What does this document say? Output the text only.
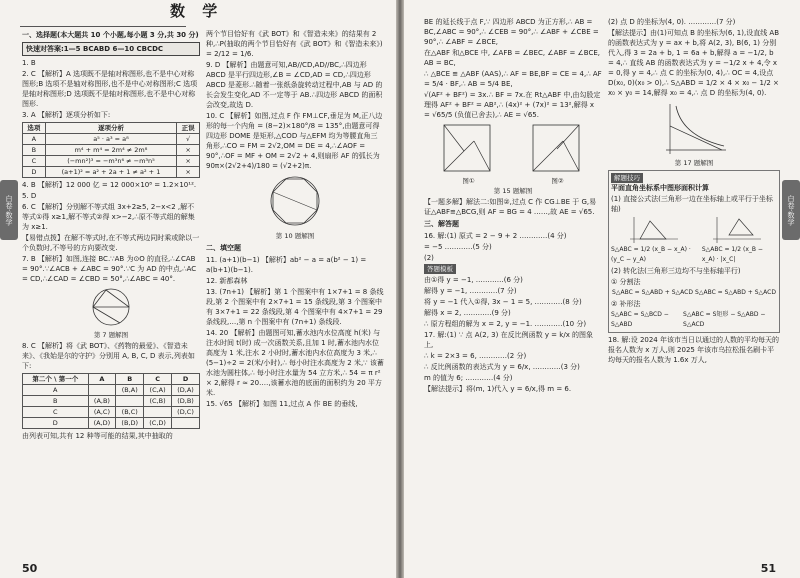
数 学
一、选择题(本大题共 10 个小题,每小题 3 分,共 30 分)
快速对答案:1—5 BCABD 6—10 CBCDC
1. B
2. C 【解析】A 选项既不是轴对称图形,也不是中心对称图形;B 选项不是轴对称图形,也不是中心对称图形;C 选项是轴对称图形;D 选项既不是轴对称图形,也不是中心对称图形.
3. A 【解析】逐项分析如下:
选项	逐项分析	正误
A	a⁵ · a³ = a⁸	√
B	m⁴ + m⁴ = 2m⁴ ≠ 2m⁸	×
C	(−mn²)³ = −m³n⁶ ≠ −m³n⁵	×
D	(a+1)² = a² + 2a + 1 ≠ a² + 1	×
4. B 【解析】12 000 亿 = 12 000×10⁸ = 1.2×10¹².
5. D
6. C 【解析】分别解不等式组 3x+2≥5, 2−x<2 ,解不等式①得 x≥1,解不等式②得 x>−2,∴原不等式组的解集为 x≥1.
【易错点拨】在解不等式时,在不等式两边同时乘或除以一个负数时,不等号的方向要改变.
7. B 【解析】如图,连接 BC.∵AB 为⊙O 的直径,∴∠CAB = 90°.∵∠ACB + ∠ABC = 90°.∵C 为 AD 的中点,∴AC = CD,∴∠CAD = ∠CBD = 50°,∴∠ABC = 40°.
第 7 题解图
8. C 【解析】将《武 BOT》、《药物的最爱》、《智造未来》、《我始是尔的守护》分别用 A, B, C, D 表示,列表如下:
第二个 \ 第一个	A	B	C	D
A		(B,A)	(C,A)	(D,A)
B	(A,B)		(C,B)	(D,B)
C	(A,C)	(B,C)		(D,C)
D	(A,D)	(B,D)	(C,D)	
由列表可知,共有 12 种等可能的结果,其中抽取的
两个节目恰好有《武 BOT》和《智造未来》的结果有 2 种,∴P(抽取的两个节目恰好有《武 BOT》和《智造未来》) = 2/12 = 1/6.
9. D 【解析】由题意可知,AB//CD,AD//BC,∴四边形 ABCD 是平行四边形,∠B = ∠CD,AD = CD,∴四边形 ABCD 是菱形.∴随着一张纸条旋转动过程中,AB 与 AD 的长会发生变化,AD 不一定等于 AB.∴四边形 ABCD 的面积会改变,故选 D.
10. C 【解析】如图,过点 F 作 FM⊥CF,垂足为 M,正八边形的每一个内角 = (8−2)×180°/8 = 135°,由题意可得四边形 DOME 是矩形,△COD 与△EFM 均为等腰直角三角形,∴CO = FM = 2√2,OM = DE = 4,∴∠AOF = 90°,∴OF = MF + OM = 2√2 + 4,则扇形 AF 的弧长为 90π×(2√2+4)/180 = (√2+2)π.
第 10 题解图
二、填空题
11. (a+1)(b−1) 【解析】ab² − a = a(b² − 1) = a(b+1)(b−1).
12. 新都森林
13. (7n+1) 【解析】第 1 个图案中有 1×7+1 = 8 条线段,第 2 个图案中有 2×7+1 = 15 条线段,第 3 个图案中有 3×7+1 = 22 条线段,第 4 个图案中有 4×7+1 = 29 条线段,…,第 n 个图案中有 (7n+1) 条线段.
14. 20 【解析】由题图可知,蓄水池内水位高度 h(米) 与注水时间 t(时) 成一次函数关系,且加 1 时,蓄水池内水位高度为 1 米,注水 2 小时时,蓄水池内水位高度为 3 米,∴ (5−1)÷2 = 2(米/小时),∴ 每小时注水高度为 2 米,∵ 该蓄水池为圆柱体,∴ 每小时注水量为 54 立方米,∴ 54 = π r² × 2,解得 r ≈ 20.…,该蓄水池的底面的面积约为 20 平方米.
15. √65 【解析】如图 11,过点 A 作 BE 的垂线,
白卷·数学
50
BE 的延长线于点 F,∵ 四边形 ABCD 为正方形,∴ AB = BC,∠ABC = 90°,∴ ∠CEB = 90°,∴ ∠ABF + ∠CBE = 90°,∴ ∠ABF = ∠BCE,
在△ABF 和△BCE 中, ∠AFB = ∠BEC, ∠ABF = ∠BCE, AB = BC,
∴ △BCE ≌ △ABF (AAS),∴ AF = BE,BF = CE = 4,∴ AF = 5/4 · BF,∴ AB = 5/4 BE,
√(AF² + BF²) = 3x.∴ BF = 7x.在 Rt△ABF 中,由勾股定理得 AF² + BF² = AB²,∴ (4x)² + (7x)² = 13²,解得 x = √65/5 (负值已舍去),∴ AE = √65.
图①	图②
第 15 题解图
【一题多解】解法二:如图②,过点 C 作 CG⊥BE 于 G,易证△ABF≌△BCG,则 AF = BG = 4 ……,故 AE = √65.
三、解答题
16. 解:(1) 原式 = 2 − 9 + 2 …………(4 分)
= −5 …………(5 分)
(2)
答题模板
由①得 y = −1, …………(6 分)
解得 y = −1, …………(7 分)
将 y = −1 代入①得, 3x − 1 = 5, …………(8 分)
解得 x = 2, …………(9 分)
∴ 原方程组的解为 x = 2, y = −1. …………(10 分)
17. 解:(1) ∵ 点 A(2, 3) 在反比例函数 y = k/x 的图象上,
∴ k = 2×3 = 6, …………(2 分)
∴ 反比例函数的表达式为 y = 6/x, …………(3 分)
m 的值为 6; …………(4 分)
【解法提示】将(m, 1)代入 y = 6/x,得 m = 6.
(2) 点 D 的坐标为(4, 0). …………(7 分)
【解法提示】由(1)可知点 B 的坐标为(6, 1),设直线 AB 的函数表达式为 y = ax + b,将 A(2, 3), B(6, 1) 分别代入,得 3 = 2a + b, 1 = 6a + b,解得 a = −1/2, b = 4,∴ 直线 AB 的函数表达式为 y = −1/2 x + 4,令 x = 0,得 y = 4,∴ 点 C 的坐标为(0, 4),∴ OC = 4,设点 D(x₀, 0)(x₀ > 0),∴ S△ABD = 1/2 × 4 × x₀ − 1/2 × x₀ × y₀ = 14,解得 x₀ = 4,∴ 点 D 的坐标为(4, 0).
第 17 题解图
解题技巧
平面直角坐标系中图形面积计算
(1) 直接公式法(三角形一边在坐标轴上或平行于坐标轴)
S△ABC = 1/2 (x_B − x_A) · (y_C − y_A)
S△ABC = 1/2 (x_B − x_A) · |x_C|
(2) 转化法(三角形三边均不与坐标轴平行)
① 分割法
S△ABC = S△ABD + S△ACD S△ABC = S△ABD + S△ACD
② 补形法
S△ABC = S△BCD − S△ABD
S△ABC = S矩形 − S△ABD − S△ACD
18. 解:设 2024 年该市当日以通过的人数的平均每天的报名人数为 x 万人,则 2025 年该市乌拉松报名刷卡平均每天的报名人数为 1.6x 万人,
白卷·数学
51
